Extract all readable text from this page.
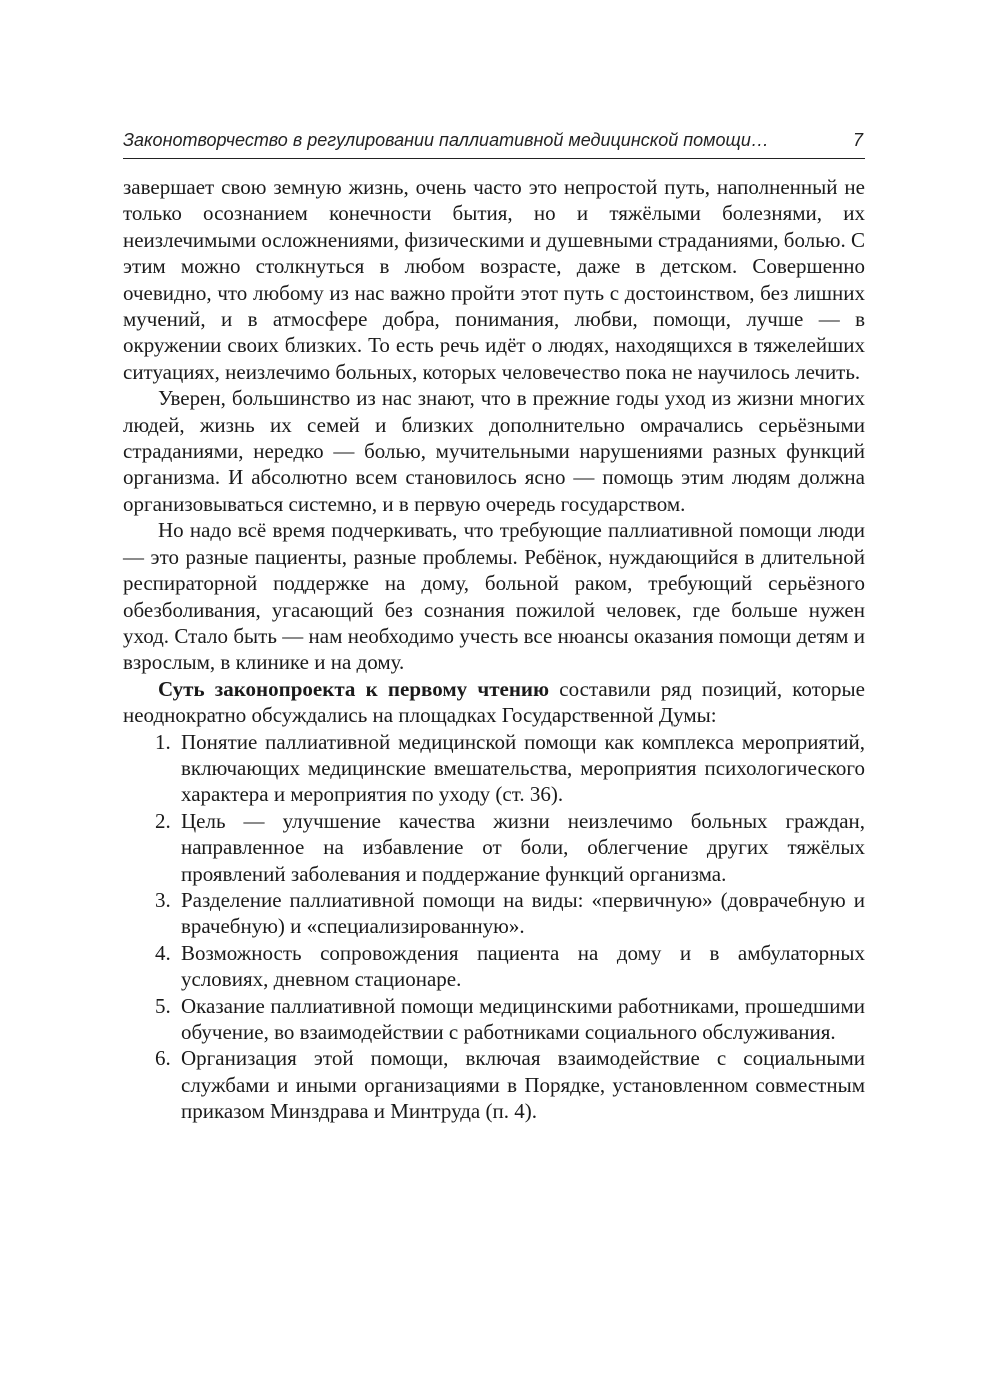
Законотворчество в регулировании паллиативной медицинской помощи…	7

завершает свою земную жизнь, очень часто это непростой путь, наполненный не только осознанием конечности бытия, но и тяжёлыми болезнями, их неизлечимыми осложнениями, физическими и душевными страданиями, болью. С этим можно столкнуться в любом возрасте, даже в детском. Совершенно очевидно, что любому из нас важно пройти этот путь с достоинством, без лишних мучений, и в атмосфере добра, понимания, любви, помощи, лучше — в окружении своих близких. То есть речь идёт о людях, находящихся в тяжелейших ситуациях, неизлечимо больных, которых человечество пока не научилось лечить.

Уверен, большинство из нас знают, что в прежние годы уход из жизни многих людей, жизнь их семей и близких дополнительно омрачались серьёзными страданиями, нередко — болью, мучительными нарушениями разных функций организма. И абсолютно всем становилось ясно — помощь этим людям должна организовываться системно, и в первую очередь государством.

Но надо всё время подчеркивать, что требующие паллиативной помощи люди — это разные пациенты, разные проблемы. Ребёнок, нуждающийся в длительной респираторной поддержке на дому, больной раком, требующий серьёзного обезболивания, угасающий без сознания пожилой человек, где больше нужен уход. Стало быть — нам необходимо учесть все нюансы оказания помощи детям и взрослым, в клинике и на дому.

Суть законопроекта к первому чтению составили ряд позиций, которые неоднократно обсуждались на площадках Государственной Думы:

1. Понятие паллиативной медицинской помощи как комплекса мероприятий, включающих медицинские вмешательства, мероприятия психологического характера и мероприятия по уходу (ст. 36).
2. Цель — улучшение качества жизни неизлечимо больных граждан, направленное на избавление от боли, облегчение других тяжёлых проявлений заболевания и поддержание функций организма.
3. Разделение паллиативной помощи на виды: «первичную» (доврачебную и врачебную) и «специализированную».
4. Возможность сопровождения пациента на дому и в амбулаторных условиях, дневном стационаре.
5. Оказание паллиативной помощи медицинскими работниками, прошедшими обучение, во взаимодействии с работниками социального обслуживания.
6. Организация этой помощи, включая взаимодействие с социальными службами и иными организациями в Порядке, установленном совместным приказом Минздрава и Минтруда (п. 4).
